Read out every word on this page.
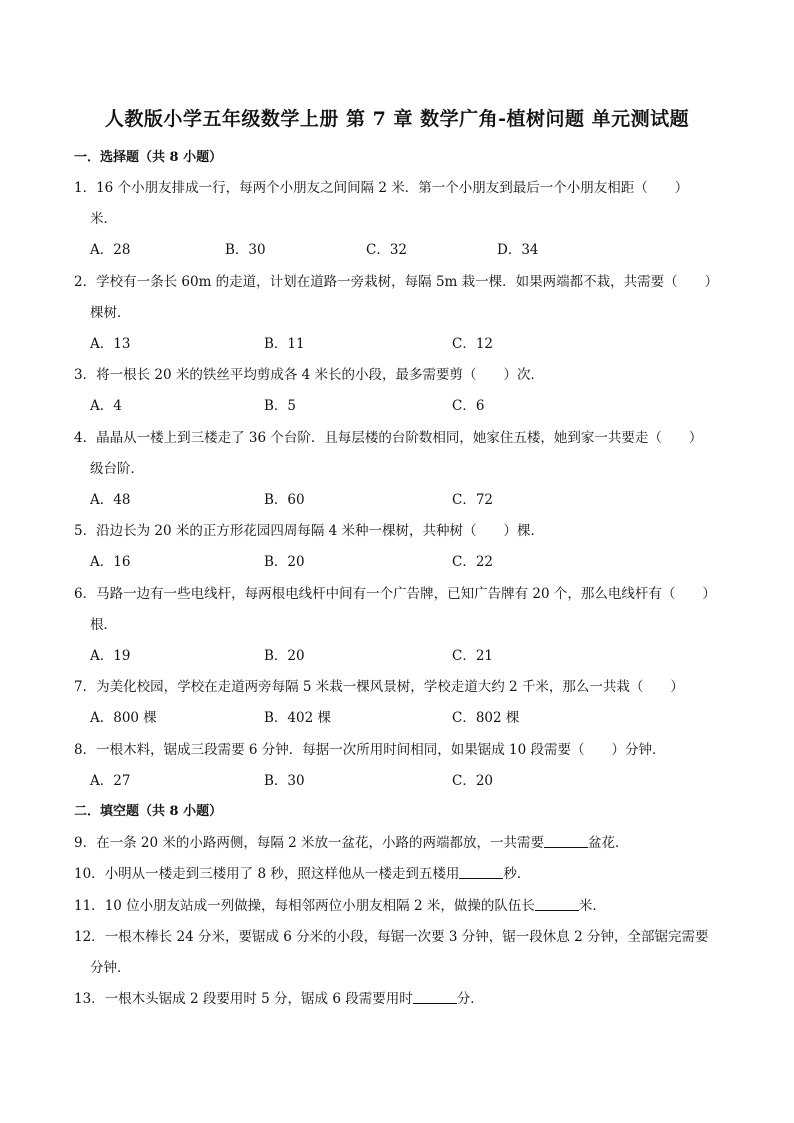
人教版小学五年级数学上册 第 7 章 数学广角-植树问题 单元测试题
一．选择题（共 8 小题）
1．16 个小朋友排成一行，每两个小朋友之间间隔 2 米．第一个小朋友到最后一个小朋友相距（　　）
米．
A．28	B．30	C．32	D．34
2．学校有一条长 60m 的走道，计划在道路一旁栽树，每隔 5m 栽一棵．如果两端都不栽，共需要（　　）
棵树．
A．13	B．11	C．12
3．将一根长 20 米的铁丝平均剪成各 4 米长的小段，最多需要剪（　　）次．
A．4	B．5	C．6
4．晶晶从一楼上到三楼走了 36 个台阶．且每层楼的台阶数相同，她家住五楼，她到家一共要走（　　）
级台阶．
A．48	B．60	C．72
5．沿边长为 20 米的正方形花园四周每隔 4 米种一棵树，共种树（　　）棵．
A．16	B．20	C．22
6．马路一边有一些电线杆，每两根电线杆中间有一个广告牌，已知广告牌有 20 个，那么电线杆有（　　）
根．
A．19	B．20	C．21
7．为美化校园，学校在走道两旁每隔 5 米栽一棵风景树，学校走道大约 2 千米，那么一共栽（　　）
A．800 棵	B．402 棵	C．802 棵
8．一根木料，锯成三段需要 6 分钟．每据一次所用时间相同，如果锯成 10 段需要（　　）分钟．
A．27	B．30	C．20
二．填空题（共 8 小题）
9．在一条 20 米的小路两侧，每隔 2 米放一盆花，小路的两端都放，一共需要	盆花．
10．小明从一楼走到三楼用了 8 秒，照这样他从一楼走到五楼用	秒．
11．10 位小朋友站成一列做操，每相邻两位小朋友相隔 2 米，做操的队伍长	米．
12．一根木棒长 24 分米，要锯成 6 分米的小段，每锯一次要 3 分钟，锯一段休息 2 分钟，全部锯完需要
分钟．
13．一根木头锯成 2 段要用时 5 分，锯成 6 段需要用时	分．
